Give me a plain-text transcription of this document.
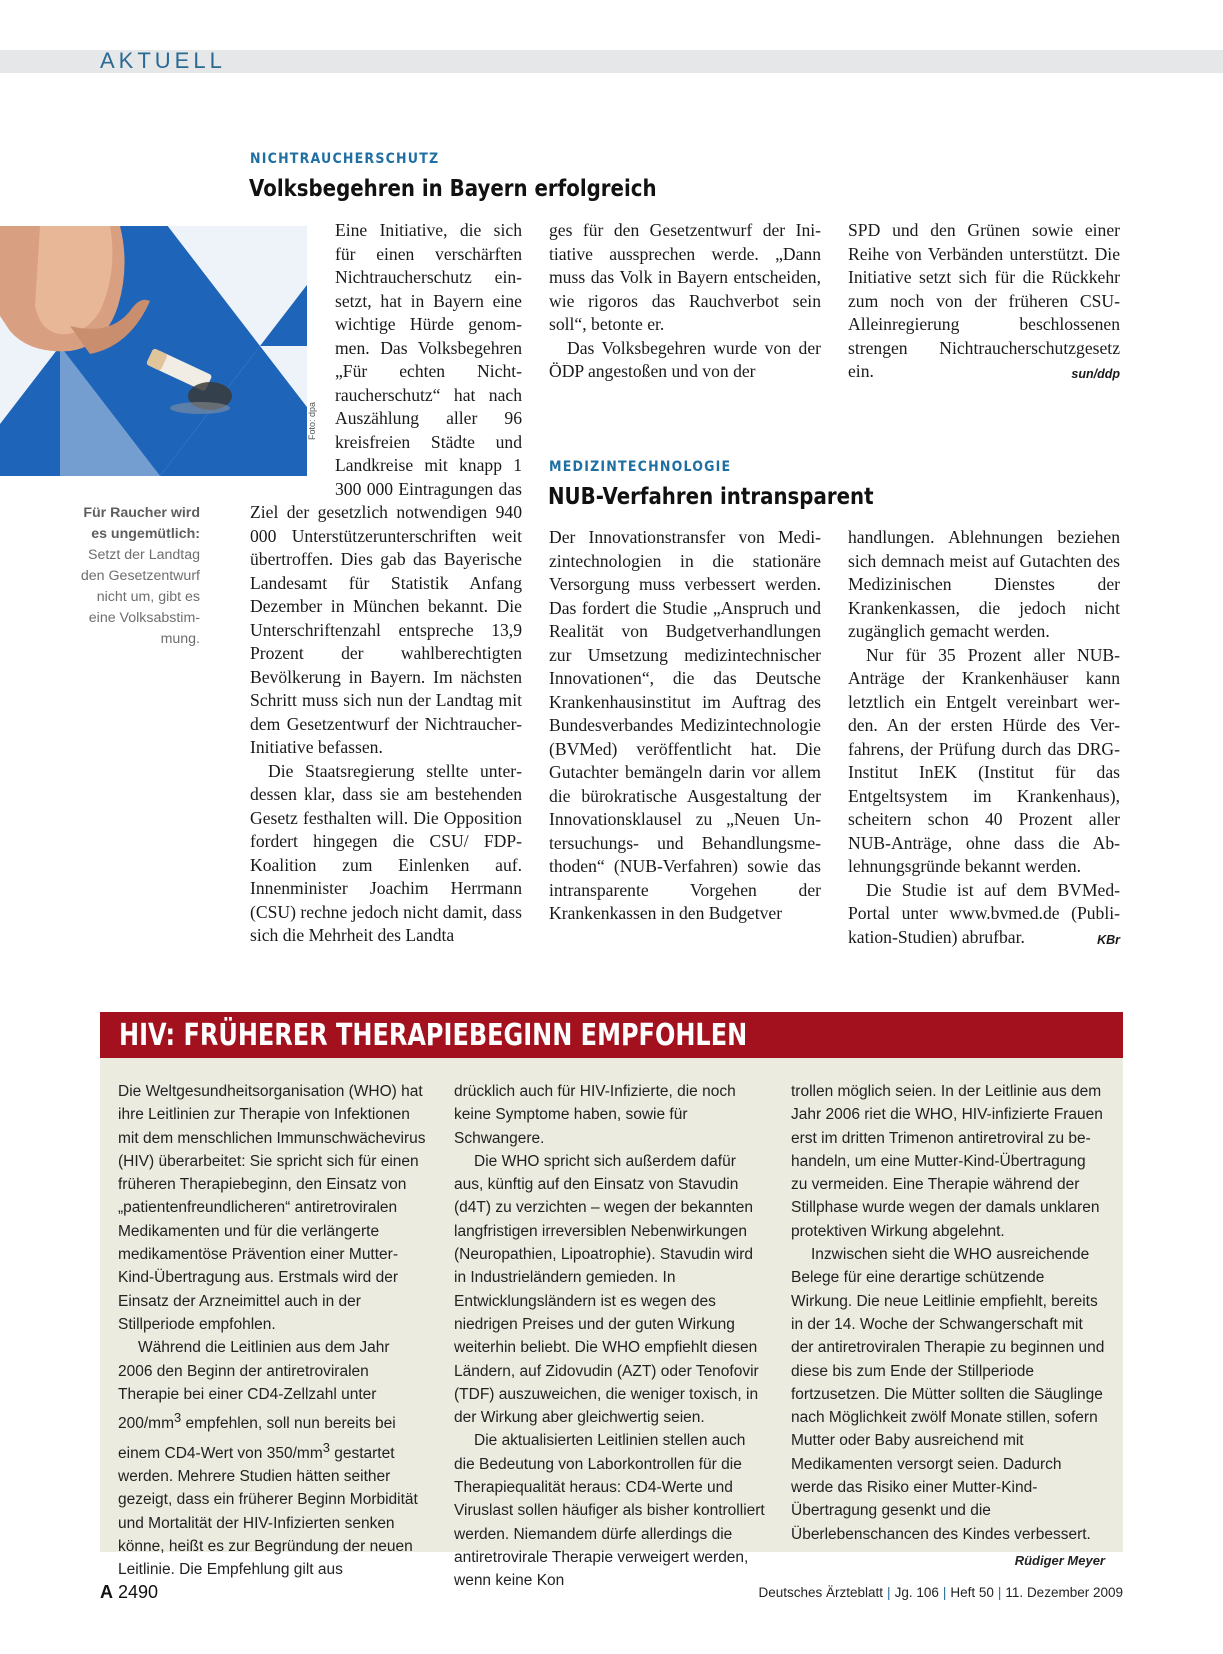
AKTUELL
NICHTRAUCHERSCHUTZ
Volksbegehren in Bayern erfolgreich
Foto: dpa
Für Raucher wird es ungemütlich: Setzt der Landtag den Gesetzentwurf nicht um, gibt es eine Volksabstimmung.

Eine Initiative, die sich für einen verschärften Nichtraucherschutz einsetzt, hat in Bayern eine wichtige Hürde genommen. Das Volksbegehren „Für echten Nichtraucherschutz“ hat nach Auszählung aller 96 kreisfreien Städte und Landkreise mit knapp 1 300 000 Eintragungen das Ziel der gesetzlich notwendigen 940 000 Unterstützerunterschriften weit übertroffen. Dies gab das Bayerische Landesamt für Statistik Anfang Dezember in München bekannt. Die Unterschriftenzahl entspreche 13,9 Prozent der wahlberechtigten Bevölkerung in Bayern. Im nächsten Schritt muss sich nun der Landtag mit dem Gesetzentwurf der Nichtraucher-Initiative befassen.

Die Staatsregierung stellte unterdessen klar, dass sie am bestehenden Gesetz festhalten will. Die Opposition fordert hingegen die CSU/ FDP-Koalition zum Einlenken auf. Innenminister Joachim Herrmann (CSU) rechne jedoch nicht damit, dass sich die Mehrheit des Landta

ges für den Gesetzentwurf der Initiative aussprechen werde. „Dann muss das Volk in Bayern entscheiden, wie rigoros das Rauchverbot sein soll“, betonte er.

Das Volksbegehren wurde von der ÖDP angestoßen und von der

SPD und den Grünen sowie einer Reihe von Verbänden unterstützt. Die Initiative setzt sich für die Rückkehr zum noch von der früheren CSU-Alleinregierung beschlossenen strengen Nichtraucherschutzgesetz ein.	sun/ddp

MEDIZINTECHNOLOGIE
NUB-Verfahren intransparent

Der Innovationstransfer von Medizintechnologien in die stationäre Versorgung muss verbessert werden. Das fordert die Studie „Anspruch und Realität von Budgetverhandlungen zur Umsetzung medizintechnischer Innovationen“, die das Deutsche Krankenhausinstitut im Auftrag des Bundesverbandes Medizintechnologie (BVMed) veröffentlicht hat. Die Gutachter bemängeln darin vor allem die bürokratische Ausgestaltung der Innovationsklausel zu „Neuen Untersuchungs- und Behandlungsmethoden“ (NUB-Verfahren) sowie das intransparente Vorgehen der Krankenkassen in den Budgetver

handlungen. Ablehnungen beziehen sich demnach meist auf Gutachten des Medizinischen Dienstes der Krankenkassen, die jedoch nicht zugänglich gemacht werden.

Nur für 35 Prozent aller NUB-Anträge der Krankenhäuser kann letztlich ein Entgelt vereinbart werden. An der ersten Hürde des Verfahrens, der Prüfung durch das DRG-Institut InEK (Institut für das Entgeltsystem im Krankenhaus), scheitern schon 40 Prozent aller NUB-Anträge, ohne dass die Ablehnungsgründe bekannt werden.

Die Studie ist auf dem BVMed-Portal unter www.bvmed.de (Publikation-Studien) abrufbar.	KBr

HIV: FRÜHERER THERAPIEBEGINN EMPFOHLEN

Die Weltgesundheitsorganisation (WHO) hat ihre Leitlinien zur Therapie von Infektionen mit dem menschlichen Immunschwächevirus (HIV) überarbeitet: Sie spricht sich für einen früheren Therapiebeginn, den Einsatz von „patientenfreundlicheren“ antiretroviralen Medikamenten und für die verlängerte medikamentöse Prävention einer Mutter-Kind-Übertragung aus. Erstmals wird der Einsatz der Arzneimittel auch in der Stillperiode empfohlen.

Während die Leitlinien aus dem Jahr 2006 den Beginn der antiretroviralen Therapie bei einer CD4-Zellzahl unter $200/mm^3$ empfehlen, soll nun bereits bei einem CD4-Wert von $350/mm^3$ gestartet werden. Mehrere Studien hätten seither gezeigt, dass ein früherer Beginn Morbidität und Mortalität der HIV-Infizierten senken könne, heißt es zur Begründung der neuen Leitlinie. Die Empfehlung gilt aus

drücklich auch für HIV-Infizierte, die noch keine Symptome haben, sowie für Schwangere.

Die WHO spricht sich außerdem dafür aus, künftig auf den Einsatz von Stavudin (d4T) zu verzichten – wegen der bekannten langfristigen irreversiblen Nebenwirkungen (Neuropathien, Lipoatrophie). Stavudin wird in Industrieländern gemieden. In Entwicklungsländern ist es wegen des niedrigen Preises und der guten Wirkung weiterhin beliebt. Die WHO empfiehlt diesen Ländern, auf Zidovudin (AZT) oder Tenofovir (TDF) auszuweichen, die weniger toxisch, in der Wirkung aber gleichwertig seien.

Die aktualisierten Leitlinien stellen auch die Bedeutung von Laborkontrollen für die Therapiequalität heraus: CD4-Werte und Viruslast sollen häufiger als bisher kontrolliert werden. Niemandem dürfe allerdings die antiretrovirale Therapie verweigert werden, wenn keine Kon

trollen möglich seien. In der Leitlinie aus dem Jahr 2006 riet die WHO, HIV-infizierte Frauen erst im dritten Trimenon antiretroviral zu behandeln, um eine Mutter-Kind-Übertragung zu vermeiden. Eine Therapie während der Stillphase wurde wegen der damals unklaren protektiven Wirkung abgelehnt.

Inzwischen sieht die WHO ausreichende Belege für eine derartige schützende Wirkung. Die neue Leitlinie empfiehlt, bereits in der 14. Woche der Schwangerschaft mit der antiretroviralen Therapie zu beginnen und diese bis zum Ende der Stillperiode fortzusetzen. Die Mütter sollten die Säuglinge nach Möglichkeit zwölf Monate stillen, sofern Mutter oder Baby ausreichend mit Medikamenten versorgt seien. Dadurch werde das Risiko einer Mutter-Kind-Übertragung gesenkt und die Überlebenschancen des Kindes verbessert.
Rüdiger Meyer

A 2490	Deutsches Ärzteblatt | Jg. 106 | Heft 50 | 11. Dezember 2009
